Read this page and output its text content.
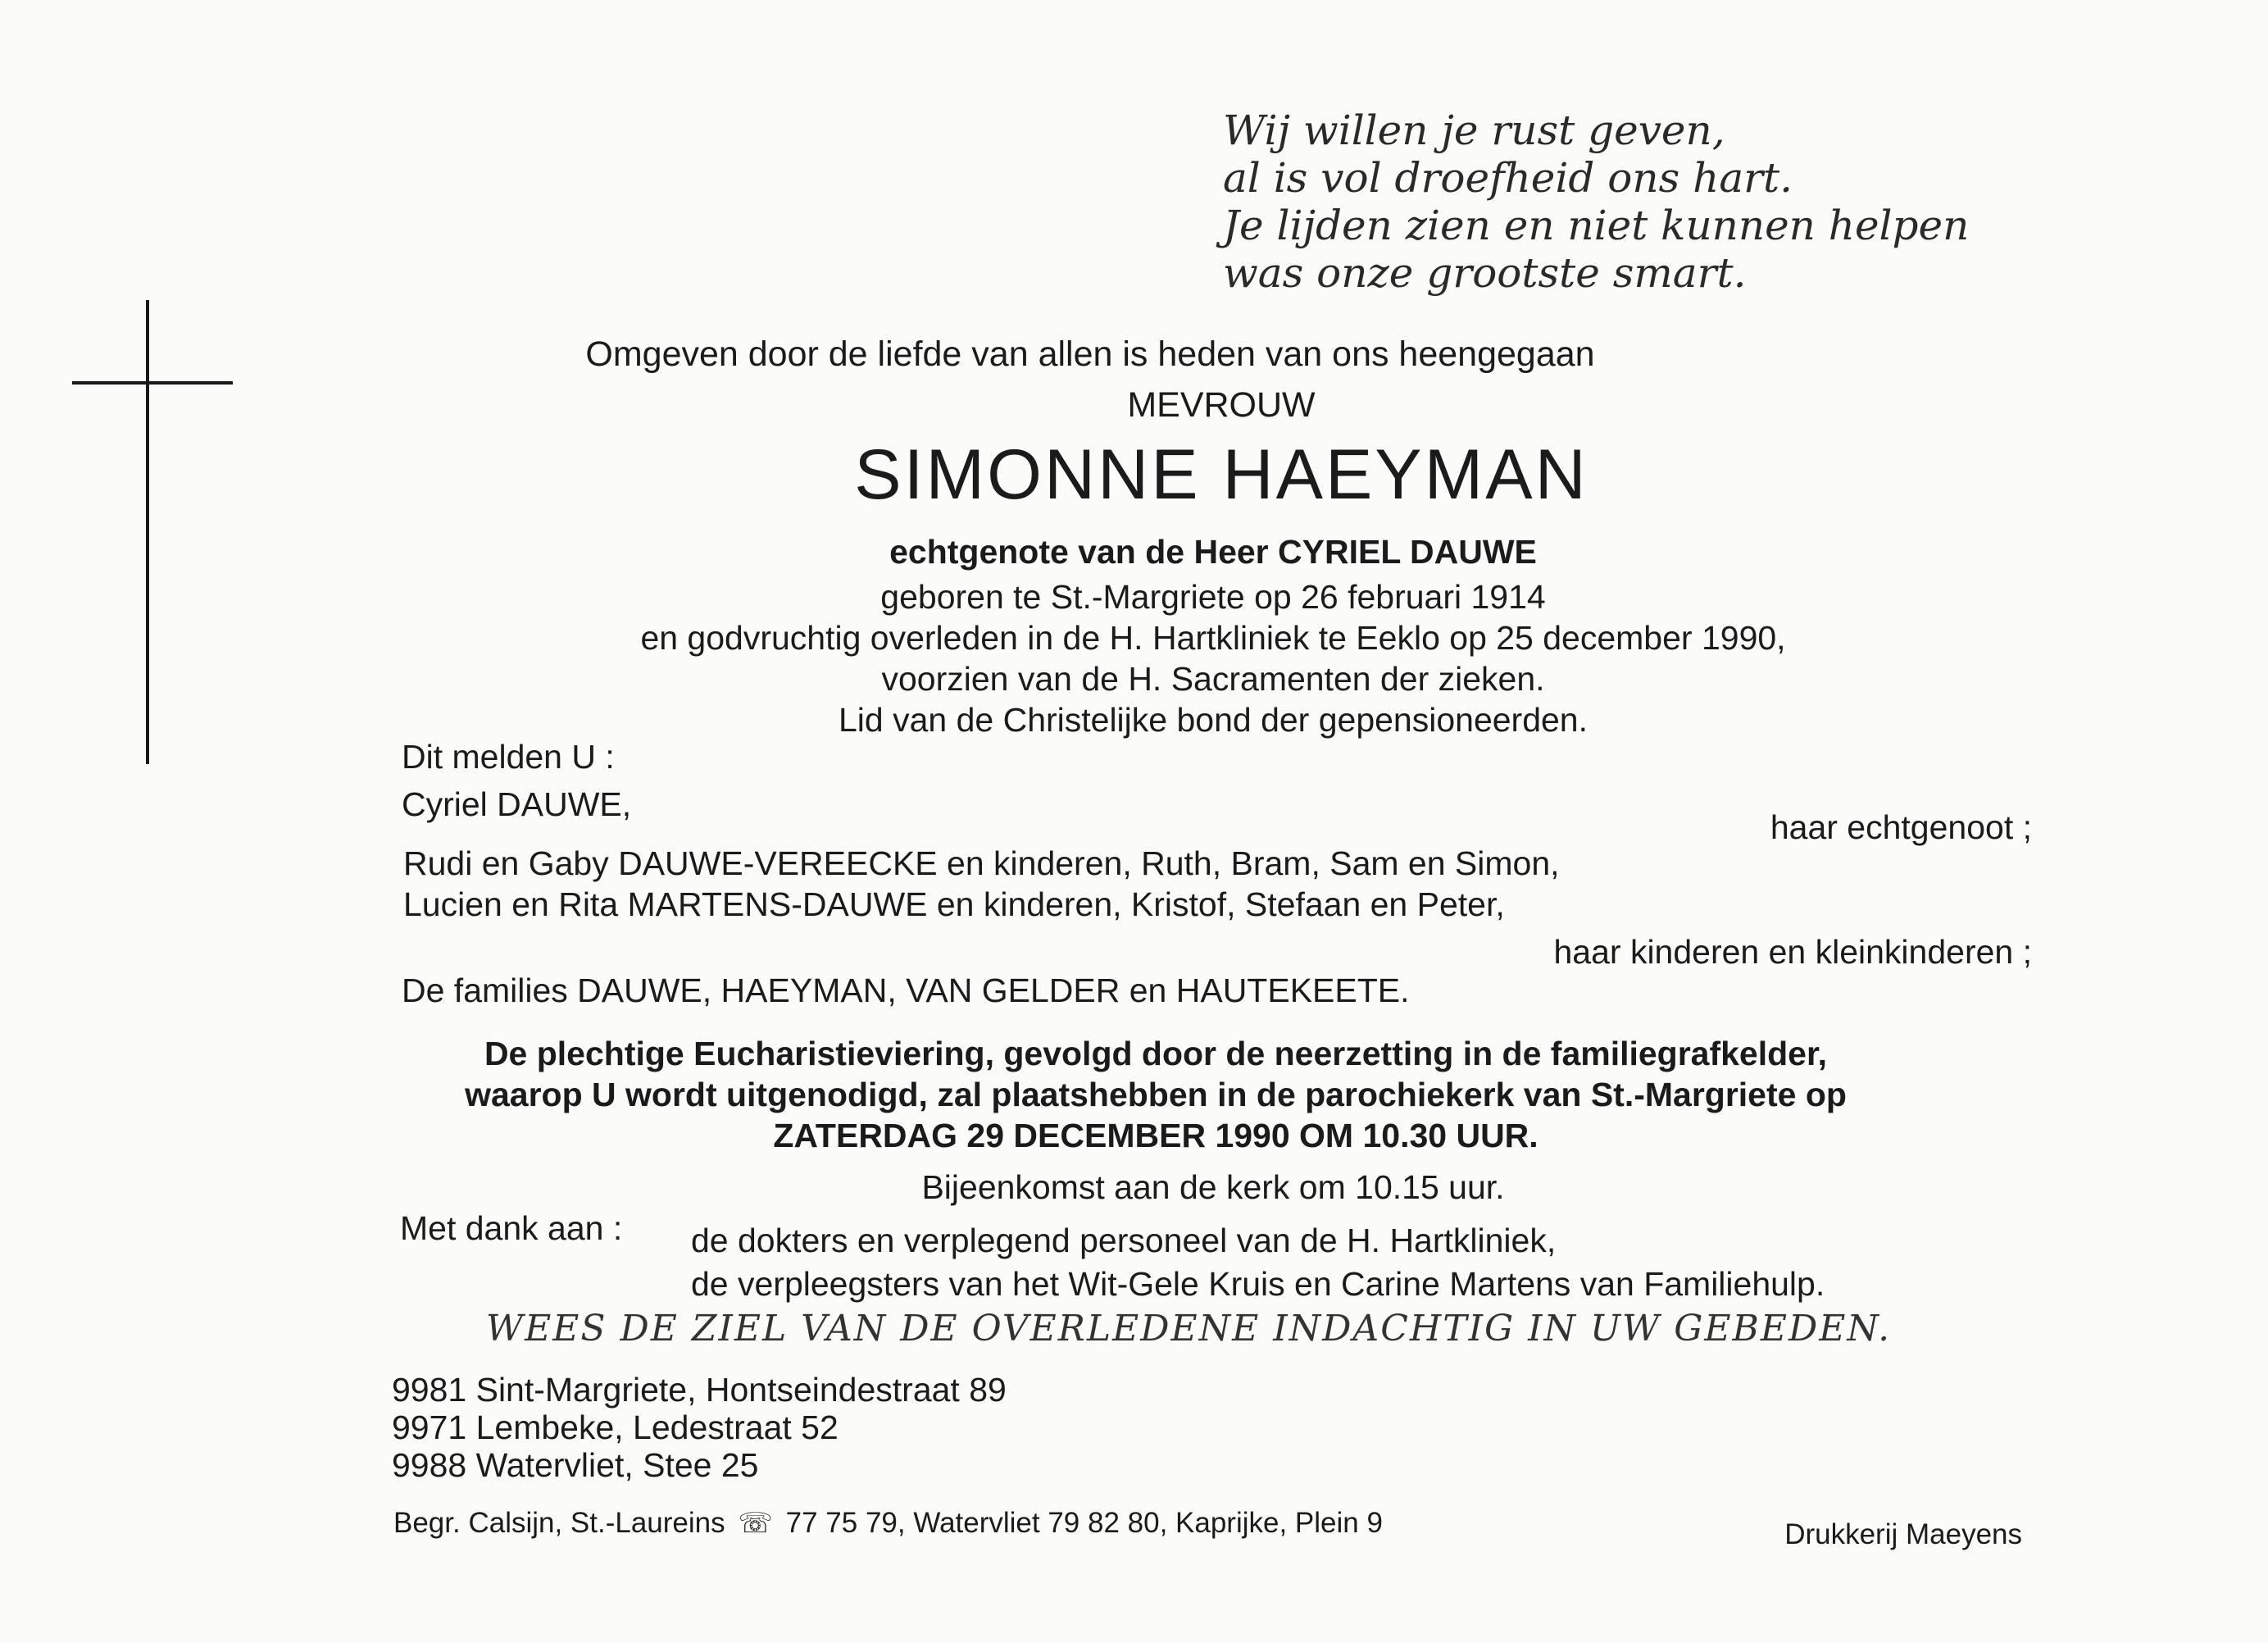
Wij willen je rust geven,
al is vol droefheid ons hart.
Je lijden zien en niet kunnen helpen
was onze grootste smart.
Omgeven door de liefde van allen is heden van ons heengegaan
MEVROUW
SIMONNE HAEYMAN
echtgenote van de Heer CYRIEL DAUWE
geboren te St.-Margriete op 26 februari 1914
en godvruchtig overleden in de H. Hartkliniek te Eeklo op 25 december 1990,
voorzien van de H. Sacramenten der zieken.
Lid van de Christelijke bond der gepensioneerden.
Dit melden U :
Cyriel DAUWE,
haar echtgenoot ;
Rudi en Gaby DAUWE-VEREECKE en kinderen, Ruth, Bram, Sam en Simon,
Lucien en Rita MARTENS-DAUWE en kinderen, Kristof, Stefaan en Peter,
haar kinderen en kleinkinderen ;
De families DAUWE, HAEYMAN, VAN GELDER en HAUTEKEETE.
De plechtige Eucharistieviering, gevolgd door de neerzetting in de familiegrafkelder,
waarop U wordt uitgenodigd, zal plaatshebben in de parochiekerk van St.-Margriete op
ZATERDAG 29 DECEMBER 1990 OM 10.30 UUR.
Bijeenkomst aan de kerk om 10.15 uur.
Met dank aan : de dokters en verplegend personeel van de H. Hartkliniek,
de verpleegsters van het Wit-Gele Kruis en Carine Martens van Familiehulp.
WEES DE ZIEL VAN DE OVERLEDENE INDACHTIG IN UW GEBEDEN.
9981 Sint-Margriete, Hontseindestraat 89
9971 Lembeke, Ledestraat 52
9988 Watervliet, Stee 25
Begr. Calsijn, St.-Laureins ☏ 77 75 79, Watervliet 79 82 80, Kaprijke, Plein 9	Drukkerij Maeyens
